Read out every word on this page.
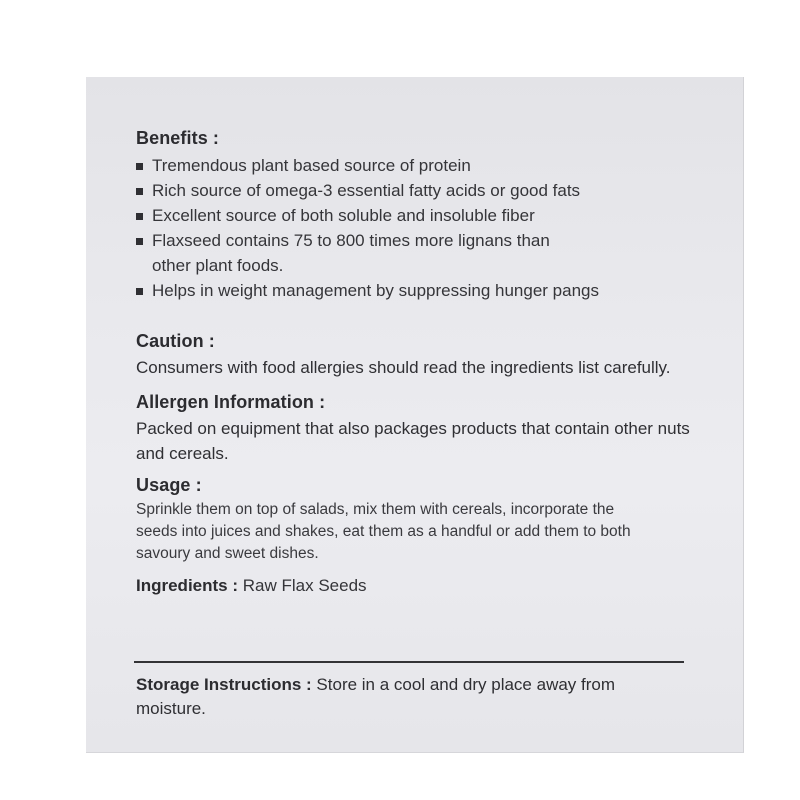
Benefits :
Tremendous plant based source of protein
Rich source of omega-3 essential fatty acids or good fats
Excellent source of both soluble and insoluble fiber
Flaxseed contains 75 to 800 times more lignans than other plant foods.
Helps in weight management by suppressing hunger pangs
Caution :

Consumers with food allergies should read the ingredients list carefully.

Allergen Information :

Packed on equipment that also packages products that contain other nuts and cereals.

Usage :

Sprinkle them on top of salads, mix them with cereals, incorporate the seeds into juices and shakes, eat them as a handful or add them to both savoury and sweet dishes.

Ingredients : Raw Flax Seeds
Storage Instructions : Store in a cool and dry place away from moisture.
